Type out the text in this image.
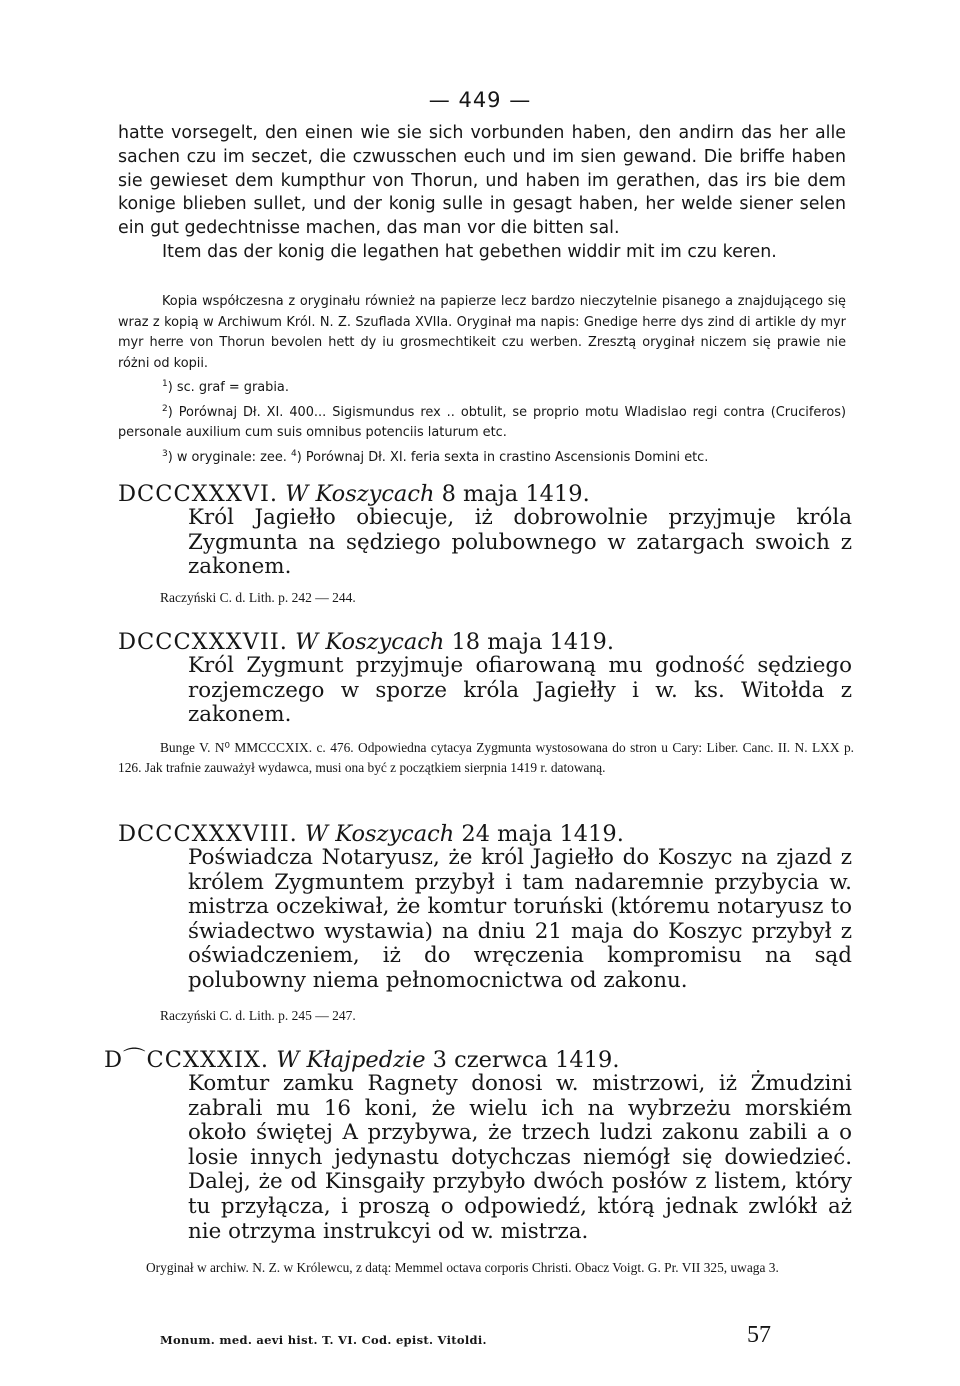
— 449 —

hatte vorsegelt, den einen wie sie sich vorbunden haben, den andirn das her alle sachen czu im seczet, die czwusschen euch und im sien gewand. Die briffe haben sie gewieset dem kumpthur von Thorun, und haben im gerathen, das irs bie dem konige blieben sullet, und der konig sulle in gesagt haben, her welde siener selen ein gut gedechtnisse machen, das man vor die bitten sal.

Item das der konig die legathen hat gebethen widdir mit im czu keren.

Kopia współczesna z oryginału również na papierze lecz bardzo nieczytelnie pisanego a znajdującego się wraz z kopią w Archiwum Król. N. Z. Szuflada XVIIa. Oryginał ma napis: Gnedige herre dys zind di artikle dy myr myr herre von Thorun bevolen hett dy iu grosmechtikeit czu werben. Zresztą oryginał niczem się prawie nie różni od kopii.

$^1$) sc. graf = grabia.

$^2$) Porównaj Dł. XI. 400... Sigismundus rex .. obtulit, se proprio motu Wladislao regi contra (Cruciferos) personale auxilium cum suis omnibus potenciis laturum etc.

$^3$) w oryginale: zee. $^4$) Porównaj Dł. XI. feria sexta in crastino Ascensionis Domini etc.

DCCCXXXVI. W Koszycach 8 maja 1419.
Król Jagiełło obiecuje, iż dobrowolnie przyjmuje króla Zygmunta na sędziego polubownego w zatargach swoich z zakonem.
Raczyński C. d. Lith. p. 242 — 244.
DCCCXXXVII. W Koszycach 18 maja 1419.
Król Zygmunt przyjmuje ofiarowaną mu godność sędziego rozjemczego w sporze króla Jagiełły i w. ks. Witołda z zakonem.
Bunge V. N⁰ MMCCCXIX. c. 476. Odpowiedna cytacya Zygmunta wystosowana do stron u Cary: Liber. Canc. II. N. LXX p. 126. Jak trafnie zauważył wydawca, musi ona być z początkiem sierpnia 1419 r. datowaną.
DCCCXXXVIII. W Koszycach 24 maja 1419.
Poświadcza Notaryusz, że król Jagiełło do Koszyc na zjazd z królem Zygmuntem przybył i tam nadaremnie przybycia w. mistrza oczekiwał, że komtur toruński (któremu notaryusz to świadectwo wystawia) na dniu 21 maja do Koszyc przybył z oświadczeniem, iż do wręczenia kompromisu na sąd polubowny niema pełnomocnictwa od zakonu.
Raczyński C. d. Lith. p. 245 — 247.
D⌒CCXXXIX. W Kłajpedzie 3 czerwca 1419.
Komtur zamku Ragnety donosi w. mistrzowi, iż Żmudzini zabrali mu 16 koni, że wielu ich na wybrzeżu morskiém około świętej A przybywa, że trzech ludzi zakonu zabili a o losie innych jedynastu dotychczas niemógł się dowiedzieć. Dalej, że od Kinsgaiły przybyło dwóch posłów z listem, który tu przyłącza, i proszą o odpowiedź, którą jednak zwlókł aż nie otrzyma instrukcyi od w. mistrza.
Oryginał w archiw. N. Z. w Królewcu, z datą: Memmel octava corporis Christi. Obacz Voigt. G. Pr. VII 325, uwaga 3.
Monum. med. aevi hist. T. VI. Cod. epist. Vitoldi.	57
